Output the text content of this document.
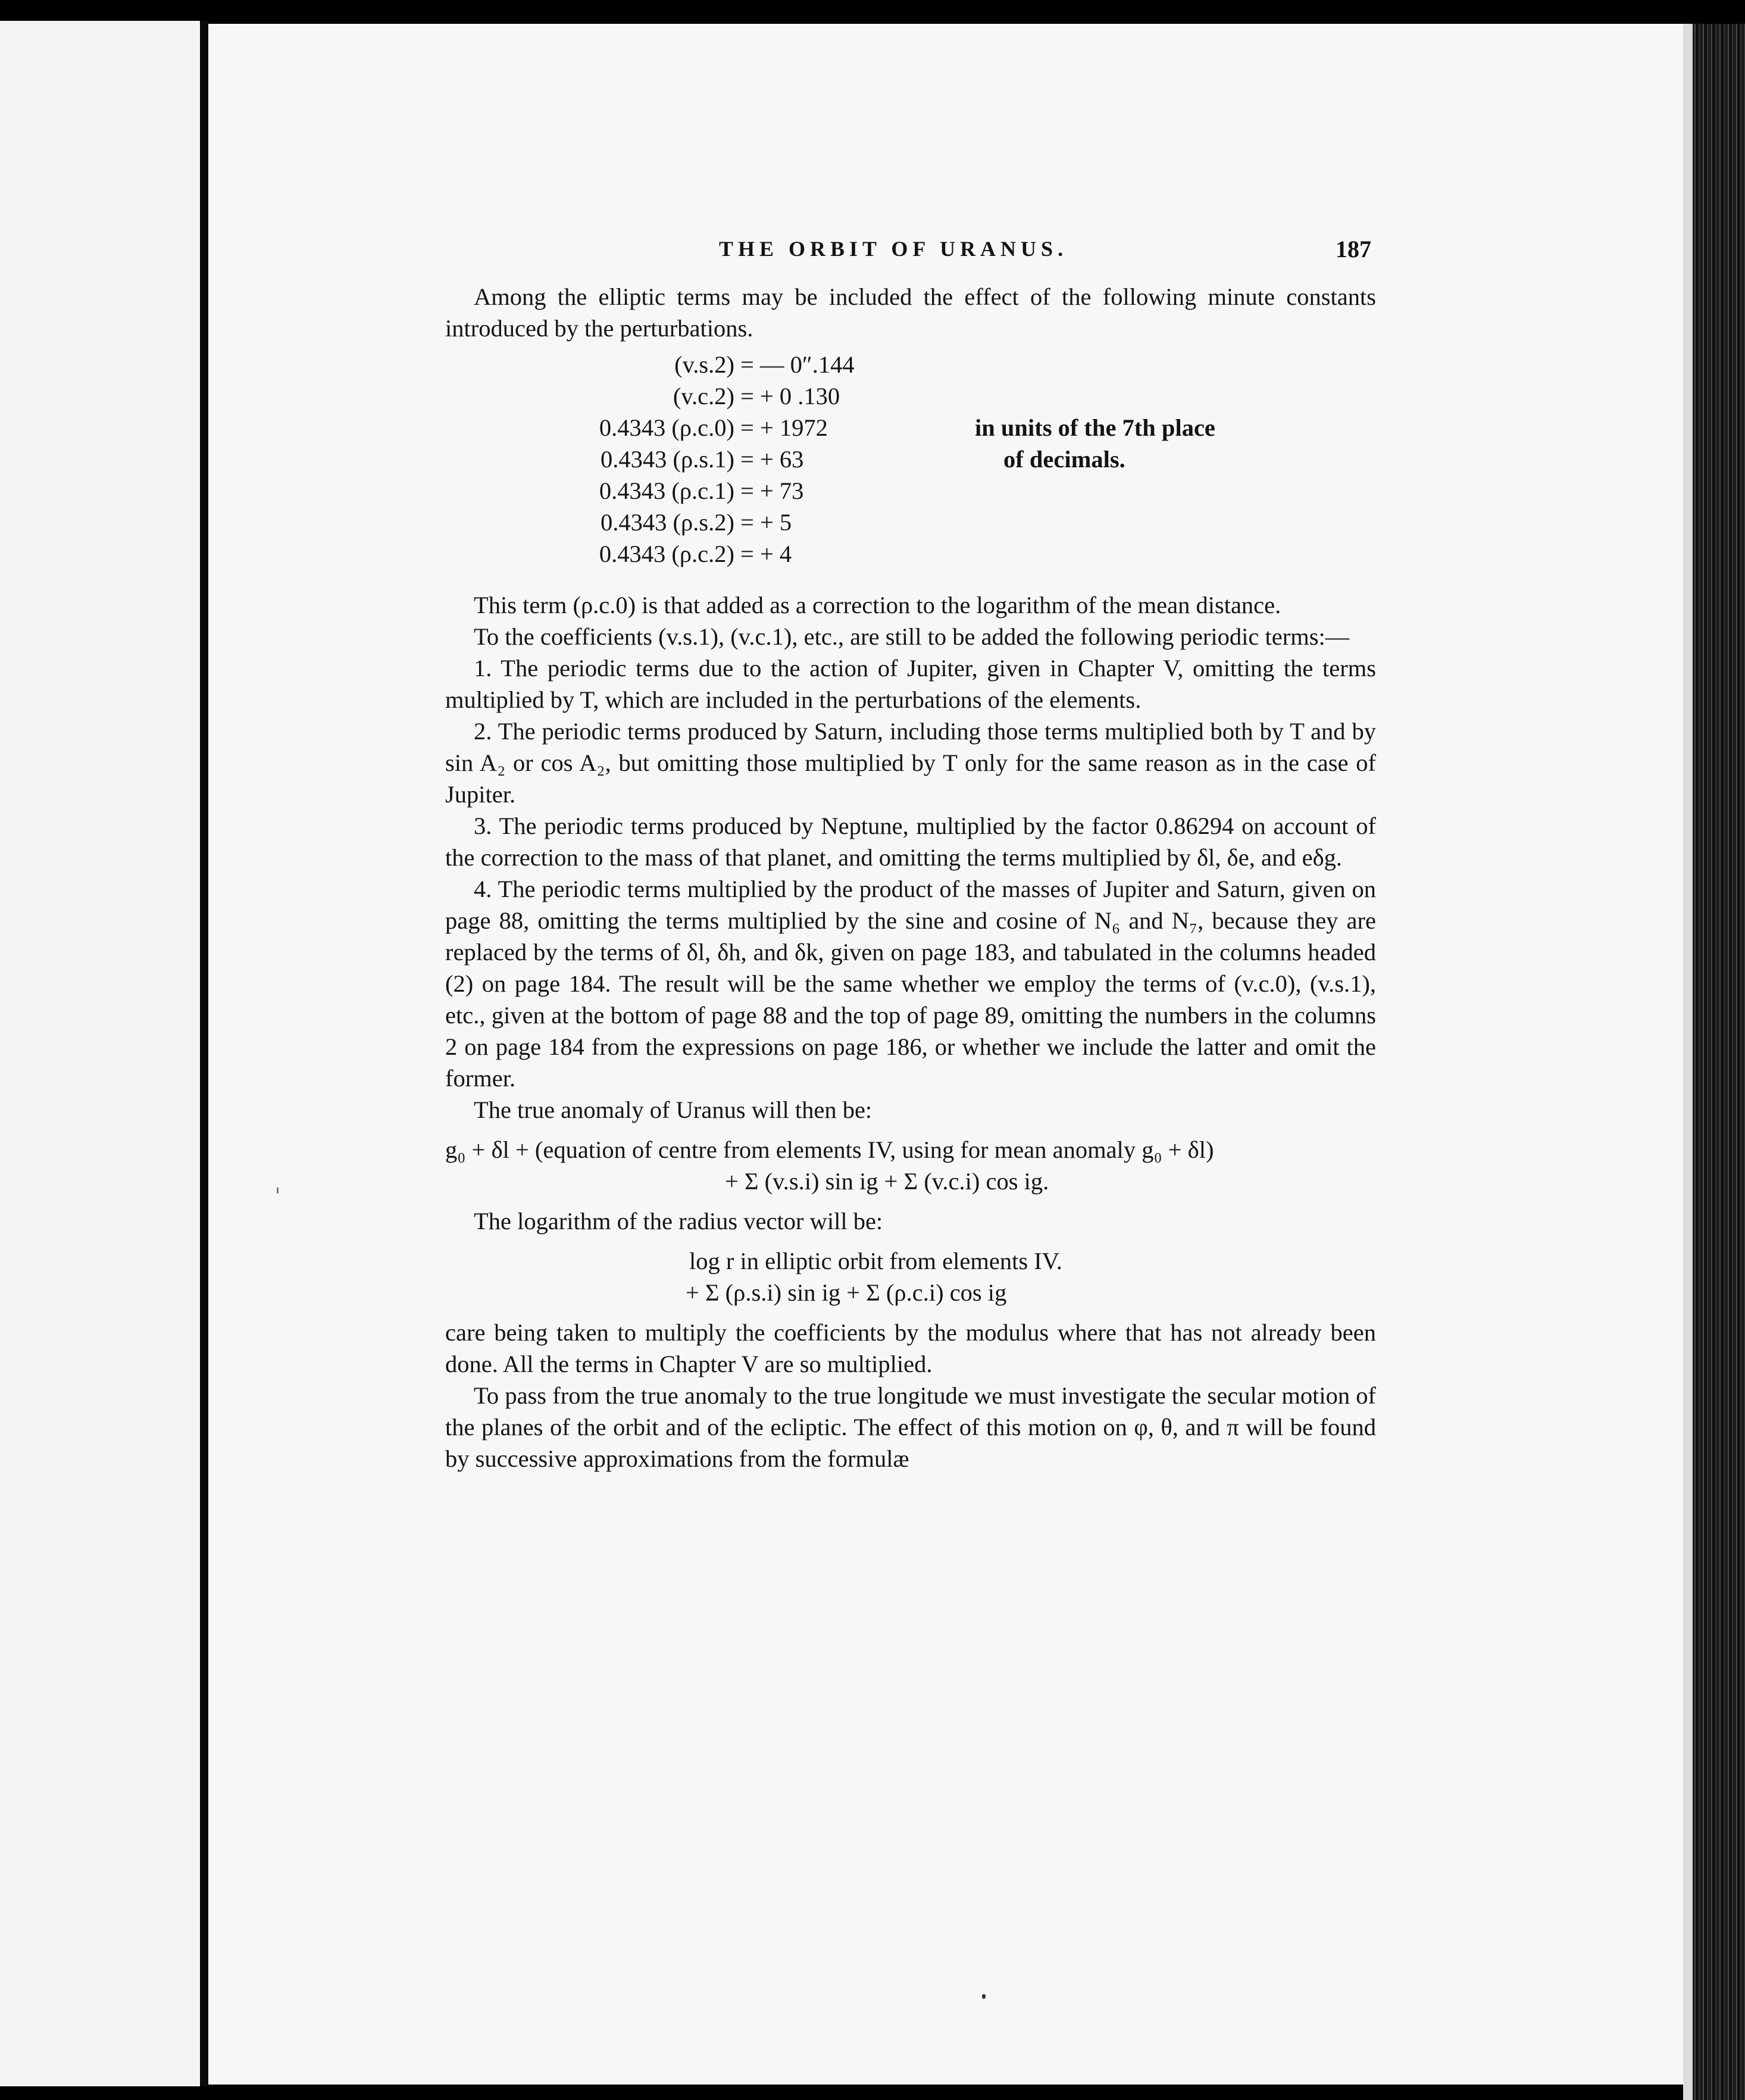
THE ORBIT OF URANUS.	187

Among the elliptic terms may be included the effect of the following minute constants introduced by the perturbations.

(v.s.2) = — 0″.144
(v.c.2) = + 0 .130
0.4343 (ρ.c.0) = + 1972
0.4343 (ρ.s.1) = + 63
0.4343 (ρ.c.1) = + 73
0.4343 (ρ.s.2) = + 5
0.4343 (ρ.c.2) = + 4
in units of the 7th place
of decimals.

This term (ρ.c.0) is that added as a correction to the logarithm of the mean distance.

To the coefficients (v.s.1), (v.c.1), etc., are still to be added the following periodic terms:—

1. The periodic terms due to the action of Jupiter, given in Chapter V, omitting the terms multiplied by T, which are included in the perturbations of the elements.

2. The periodic terms produced by Saturn, including those terms multiplied both by T and by sin A₂ or cos A₂, but omitting those multiplied by T only for the same reason as in the case of Jupiter.

3. The periodic terms produced by Neptune, multiplied by the factor 0.86294 on account of the correction to the mass of that planet, and omitting the terms multiplied by δl, δe, and eδg.

4. The periodic terms multiplied by the product of the masses of Jupiter and Saturn, given on page 88, omitting the terms multiplied by the sine and cosine of N₆ and N₇, because they are replaced by the terms of δl, δh, and δk, given on page 183, and tabulated in the columns headed (2) on page 184. The result will be the same whether we employ the terms of (v.c.0), (v.s.1), etc., given at the bottom of page 88 and the top of page 89, omitting the numbers in the columns 2 on page 184 from the expressions on page 186, or whether we include the latter and omit the former.

The true anomaly of Uranus will then be:

g₀ + δl + (equation of centre from elements IV, using for mean anomaly g₀ + δl)

+ Σ (v.s.i) sin ig + Σ (v.c.i) cos ig.

The logarithm of the radius vector will be:

log r in elliptic orbit from elements IV.

+ Σ (ρ.s.i) sin ig + Σ (ρ.c.i) cos ig

care being taken to multiply the coefficients by the modulus where that has not already been done. All the terms in Chapter V are so multiplied.

To pass from the true anomaly to the true longitude we must investigate the secular motion of the planes of the orbit and of the ecliptic. The effect of this motion on φ, θ, and π will be found by successive approximations from the formulæ
